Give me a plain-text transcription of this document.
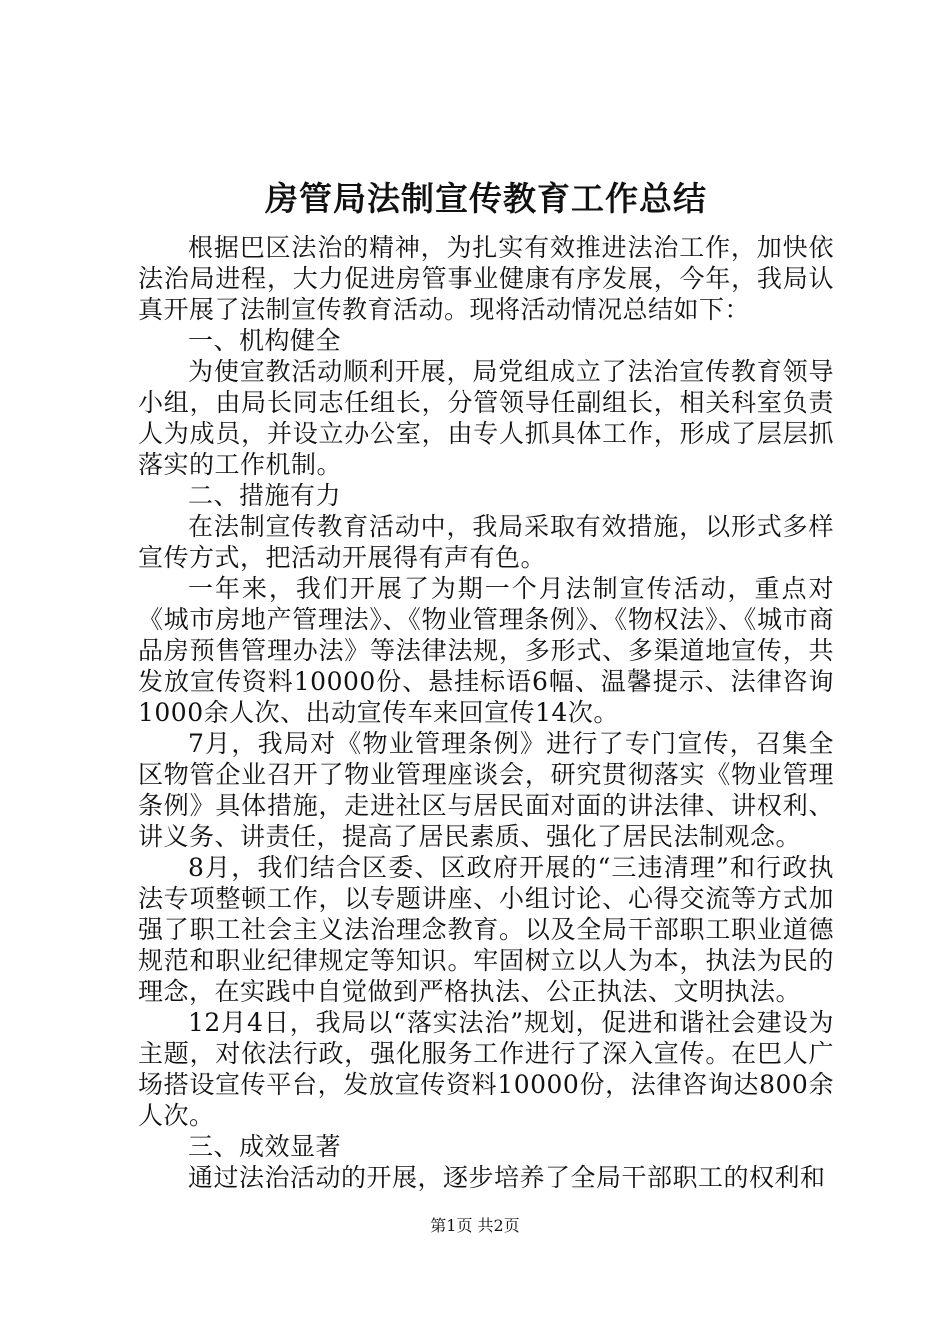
房管局法制宣传教育工作总结

根据巴区法治的精神，为扎实有效推进法治工作，加快依法治局进程，大力促进房管事业健康有序发展，今年，我局认真开展了法制宣传教育活动。现将活动情况总结如下：

一、机构健全

为使宣教活动顺利开展，局党组成立了法治宣传教育领导小组，由局长同志任组长，分管领导任副组长，相关科室负责人为成员，并设立办公室，由专人抓具体工作，形成了层层抓落实的工作机制。

二、措施有力

在法制宣传教育活动中，我局采取有效措施，以形式多样宣传方式，把活动开展得有声有色。

一年来，我们开展了为期一个月法制宣传活动，重点对《城市房地产管理法》、《物业管理条例》、《物权法》、《城市商品房预售管理办法》等法律法规，多形式、多渠道地宣传，共发放宣传资料10000份、悬挂标语6幅、温馨提示、法律咨询1000余人次、出动宣传车来回宣传14次。

7月，我局对《物业管理条例》进行了专门宣传，召集全区物管企业召开了物业管理座谈会，研究贯彻落实《物业管理条例》具体措施，走进社区与居民面对面的讲法律、讲权利、讲义务、讲责任，提高了居民素质、强化了居民法制观念。

8月，我们结合区委、区政府开展的“三违清理”和行政执法专项整顿工作，以专题讲座、小组讨论、心得交流等方式加强了职工社会主义法治理念教育。以及全局干部职工职业道德规范和职业纪律规定等知识。牢固树立以人为本，执法为民的理念，在实践中自觉做到严格执法、公正执法、文明执法。

12月4日，我局以“落实法治”规划，促进和谐社会建设为主题，对依法行政，强化服务工作进行了深入宣传。在巴人广场搭设宣传平台，发放宣传资料10000份，法律咨询达800余人次。

三、成效显著

通过法治活动的开展，逐步培养了全局干部职工的权利和

第1页 共2页
